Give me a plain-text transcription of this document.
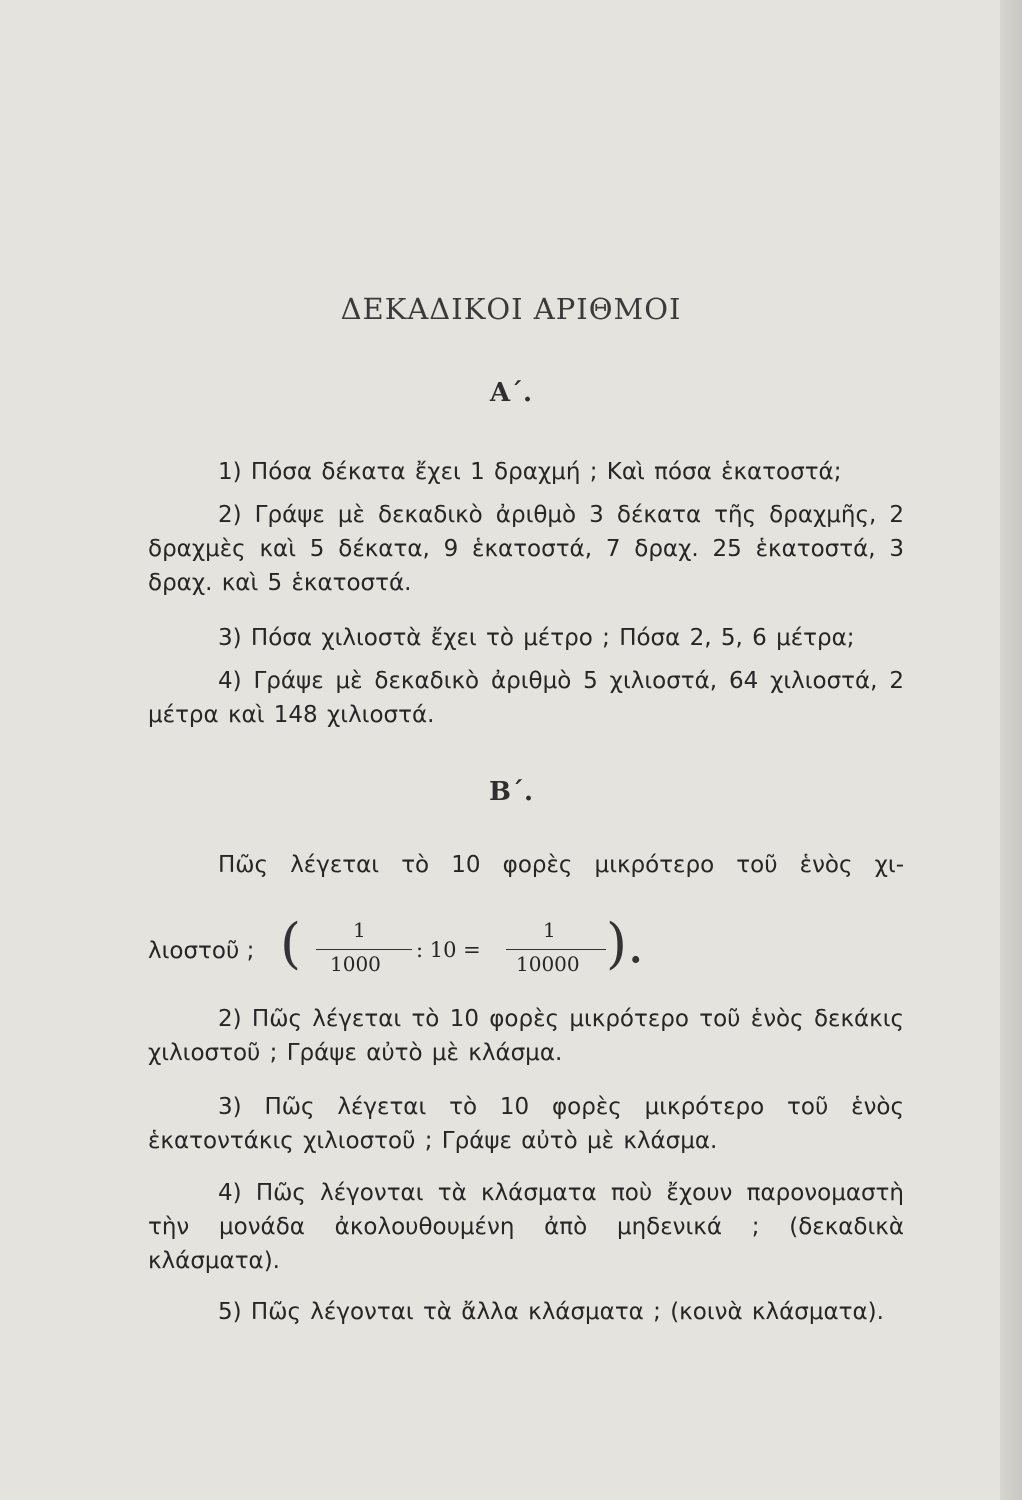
ΔΕΚΑΔΙΚΟΙ ΑΡΙΘΜΟΙ
Α΄.
1) Πόσα δέκατα ἔχει 1 δραχμή ; Καὶ πόσα ἑκατοστά;
2) Γράψε μὲ δεκαδικὸ ἀριθμὸ 3 δέκατα τῆς δραχμῆς, 2 δραχμὲς καὶ 5 δέκατα, 9 ἑκατοστά, 7 δραχ. 25 ἑκατοστά, 3 δραχ. καὶ 5 ἑκατοστά.
3) Πόσα χιλιοστὰ ἔχει τὸ μέτρο ; Πόσα 2, 5, 6 μέτρα;
4) Γράψε μὲ δεκαδικὸ ἀριθμὸ 5 χιλιοστά, 64 χιλιοστά, 2 μέτρα καὶ 148 χιλιοστά.
Β΄.
Πῶς λέγεται τὸ 10 φορὲς μικρότερο τοῦ ἑνὸς χι-
λιοστοῦ ; (	1
1000
: 10 =
1
10000 ).
2) Πῶς λέγεται τὸ 10 φορὲς μικρότερο τοῦ ἑνὸς δεκάκις χιλιοστοῦ ; Γράψε αὐτὸ μὲ κλάσμα.
3) Πῶς λέγεται τὸ 10 φορὲς μικρότερο τοῦ ἑνὸς ἑκατοντάκις χιλιοστοῦ ; Γράψε αὐτὸ μὲ κλάσμα.
4) Πῶς λέγονται τὰ κλάσματα ποὺ ἔχουν παρονομαστὴ τὴν μονάδα ἀκολουθουμένη ἀπὸ μηδενικά ; (δεκαδικὰ κλάσματα).
5) Πῶς λέγονται τὰ ἄλλα κλάσματα ; (κοινὰ κλάσματα).
